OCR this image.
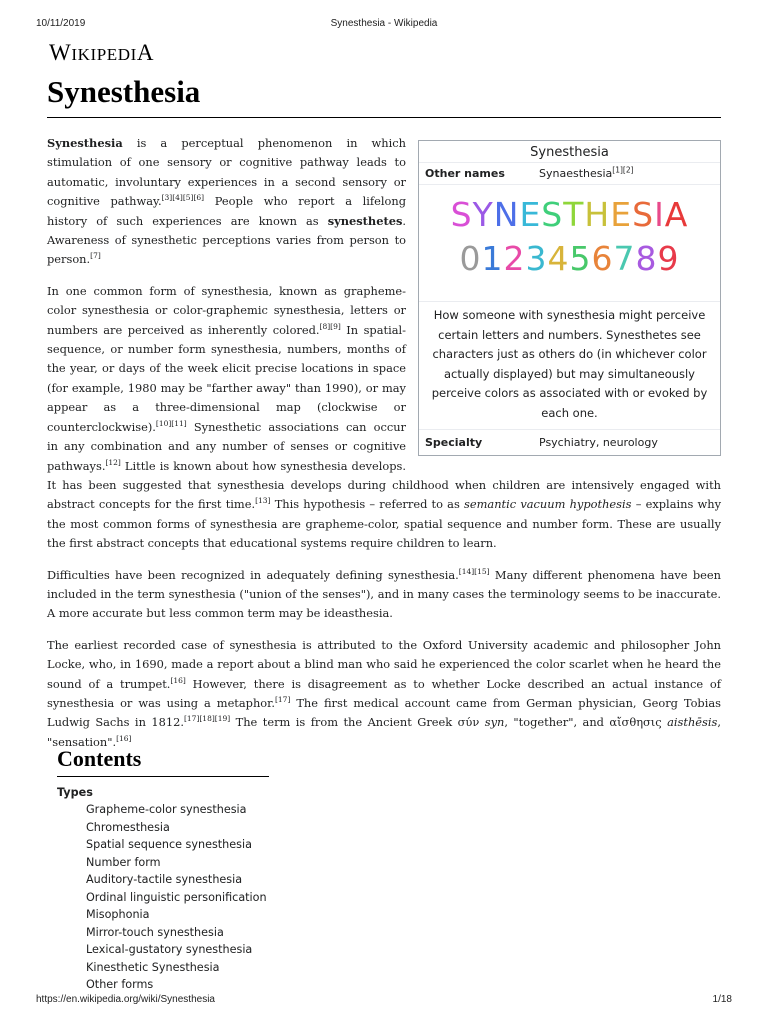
10/11/2019	Synesthesia - Wikipedia
WIKIPEDIA
Synesthesia
Synesthesia
Other names	Synaesthesia[1][2]
SYNESTHESIA
0123456789
How someone with synesthesia might perceive certain letters and numbers. Synesthetes see characters just as others do (in whichever color actually displayed) but may simultaneously perceive colors as associated with or evoked by each one.
Specialty	Psychiatry, neurology

Synesthesia is a perceptual phenomenon in which stimulation of one sensory or cognitive pathway leads to automatic, involuntary experiences in a second sensory or cognitive pathway.[3][4][5][6] People who report a lifelong history of such experiences are known as synesthetes. Awareness of synesthetic perceptions varies from person to person.[7]

In one common form of synesthesia, known as grapheme-color synesthesia or color-graphemic synesthesia, letters or numbers are perceived as inherently colored.[8][9] In spatial-sequence, or number form synesthesia, numbers, months of the year, or days of the week elicit precise locations in space (for example, 1980 may be "farther away" than 1990), or may appear as a three-dimensional map (clockwise or counterclockwise).[10][11] Synesthetic associations can occur in any combination and any number of senses or cognitive pathways.[12] Little is known about how synesthesia develops. It has been suggested that synesthesia develops during childhood when children are intensively engaged with abstract concepts for the first time.[13] This hypothesis – referred to as semantic vacuum hypothesis – explains why the most common forms of synesthesia are grapheme-color, spatial sequence and number form. These are usually the first abstract concepts that educational systems require children to learn.

Difficulties have been recognized in adequately defining synesthesia.[14][15] Many different phenomena have been included in the term synesthesia ("union of the senses"), and in many cases the terminology seems to be inaccurate. A more accurate but less common term may be ideasthesia.

The earliest recorded case of synesthesia is attributed to the Oxford University academic and philosopher John Locke, who, in 1690, made a report about a blind man who said he experienced the color scarlet when he heard the sound of a trumpet.[16] However, there is disagreement as to whether Locke described an actual instance of synesthesia or was using a metaphor.[17] The first medical account came from German physician, Georg Tobias Ludwig Sachs in 1812.[17][18][19] The term is from the Ancient Greek σύν syn, "together", and αἴσθησις aisthēsis, "sensation".[16]

Contents
Types
Grapheme-color synesthesia
Chromesthesia
Spatial sequence synesthesia
Number form
Auditory-tactile synesthesia
Ordinal linguistic personification
Misophonia
Mirror-touch synesthesia
Lexical-gustatory synesthesia
Kinesthetic Synesthesia
Other forms
https://en.wikipedia.org/wiki/Synesthesia	1/18
